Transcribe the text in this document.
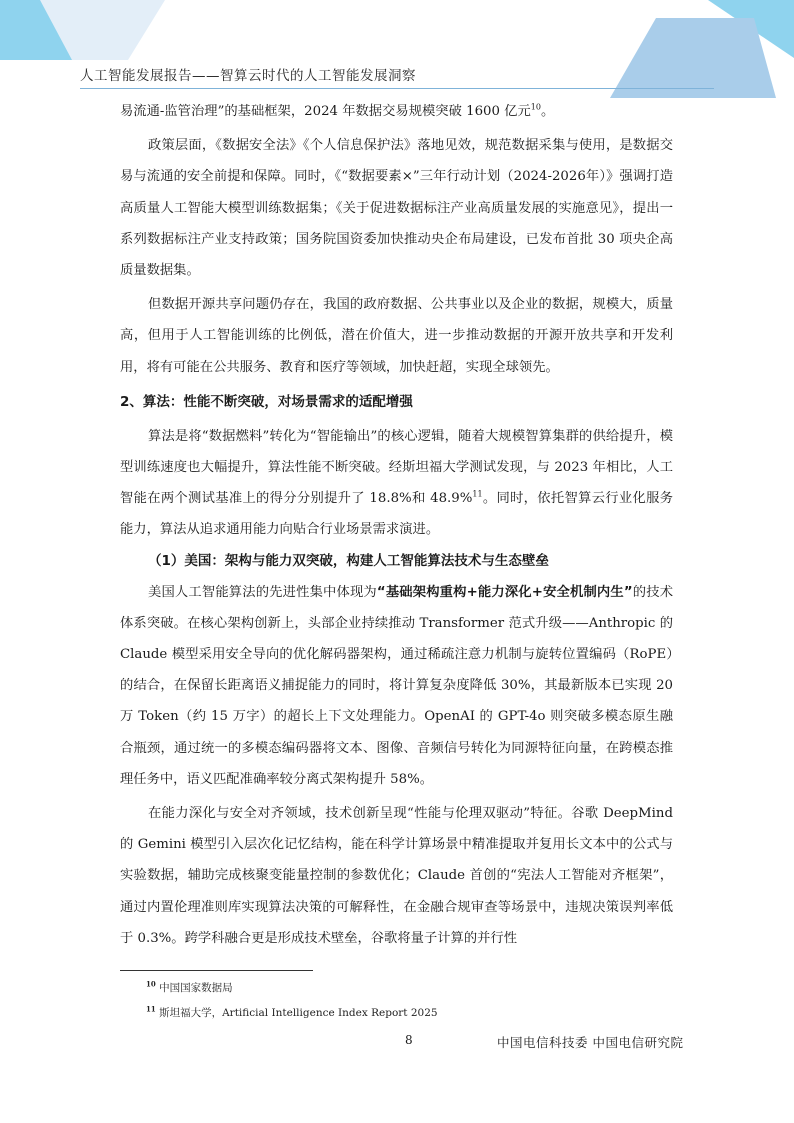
人工智能发展报告——智算云时代的人工智能发展洞察

易流通-监管治理”的基础框架，2024 年数据交易规模突破 1600 亿元$^{10}$。

政策层面，《数据安全法》《个人信息保护法》落地见效，规范数据采集与使用，是数据交易与流通的安全前提和保障。同时，《“数据要素×”三年行动计划（2024-2026年）》强调打造高质量人工智能大模型训练数据集；《关于促进数据标注产业高质量发展的实施意见》，提出一系列数据标注产业支持政策；国务院国资委加快推动央企布局建设，已发布首批 30 项央企高质量数据集。

但数据开源共享问题仍存在，我国的政府数据、公共事业以及企业的数据，规模大，质量高，但用于人工智能训练的比例低，潜在价值大，进一步推动数据的开源开放共享和开发利用，将有可能在公共服务、教育和医疗等领域，加快赶超，实现全球领先。

2、算法：性能不断突破，对场景需求的适配增强

算法是将“数据燃料”转化为“智能输出”的核心逻辑，随着大规模智算集群的供给提升，模型训练速度也大幅提升，算法性能不断突破。经斯坦福大学测试发现，与 2023 年相比，人工智能在两个测试基准上的得分分别提升了 18.8%和 48.9%$^{11}$。同时，依托智算云行业化服务能力，算法从追求通用能力向贴合行业场景需求演进。

（1）美国：架构与能力双突破，构建人工智能算法技术与生态壁垒

美国人工智能算法的先进性集中体现为“基础架构重构+能力深化+安全机制内生”的技术体系突破。在核心架构创新上，头部企业持续推动 Transformer 范式升级——Anthropic 的 Claude 模型采用安全导向的优化解码器架构，通过稀疏注意力机制与旋转位置编码（RoPE）的结合，在保留长距离语义捕捉能力的同时，将计算复杂度降低 30%，其最新版本已实现 20 万 Token（约 15 万字）的超长上下文处理能力。OpenAI 的 GPT-4o 则突破多模态原生融合瓶颈，通过统一的多模态编码器将文本、图像、音频信号转化为同源特征向量，在跨模态推理任务中，语义匹配准确率较分离式架构提升 58%。

在能力深化与安全对齐领域，技术创新呈现“性能与伦理双驱动”特征。谷歌 DeepMind 的 Gemini 模型引入层次化记忆结构，能在科学计算场景中精准提取并复用长文本中的公式与实验数据，辅助完成核聚变能量控制的参数优化；Claude 首创的“宪法人工智能对齐框架”，通过内置伦理准则库实现算法决策的可解释性，在金融合规审查等场景中，违规决策误判率低于 0.3%。跨学科融合更是形成技术壁垒，谷歌将量子计算的并行性

$^{10}$ 中国国家数据局
$^{11}$ 斯坦福大学，Artificial Intelligence Index Report 2025
8	中国电信科技委 中国电信研究院
